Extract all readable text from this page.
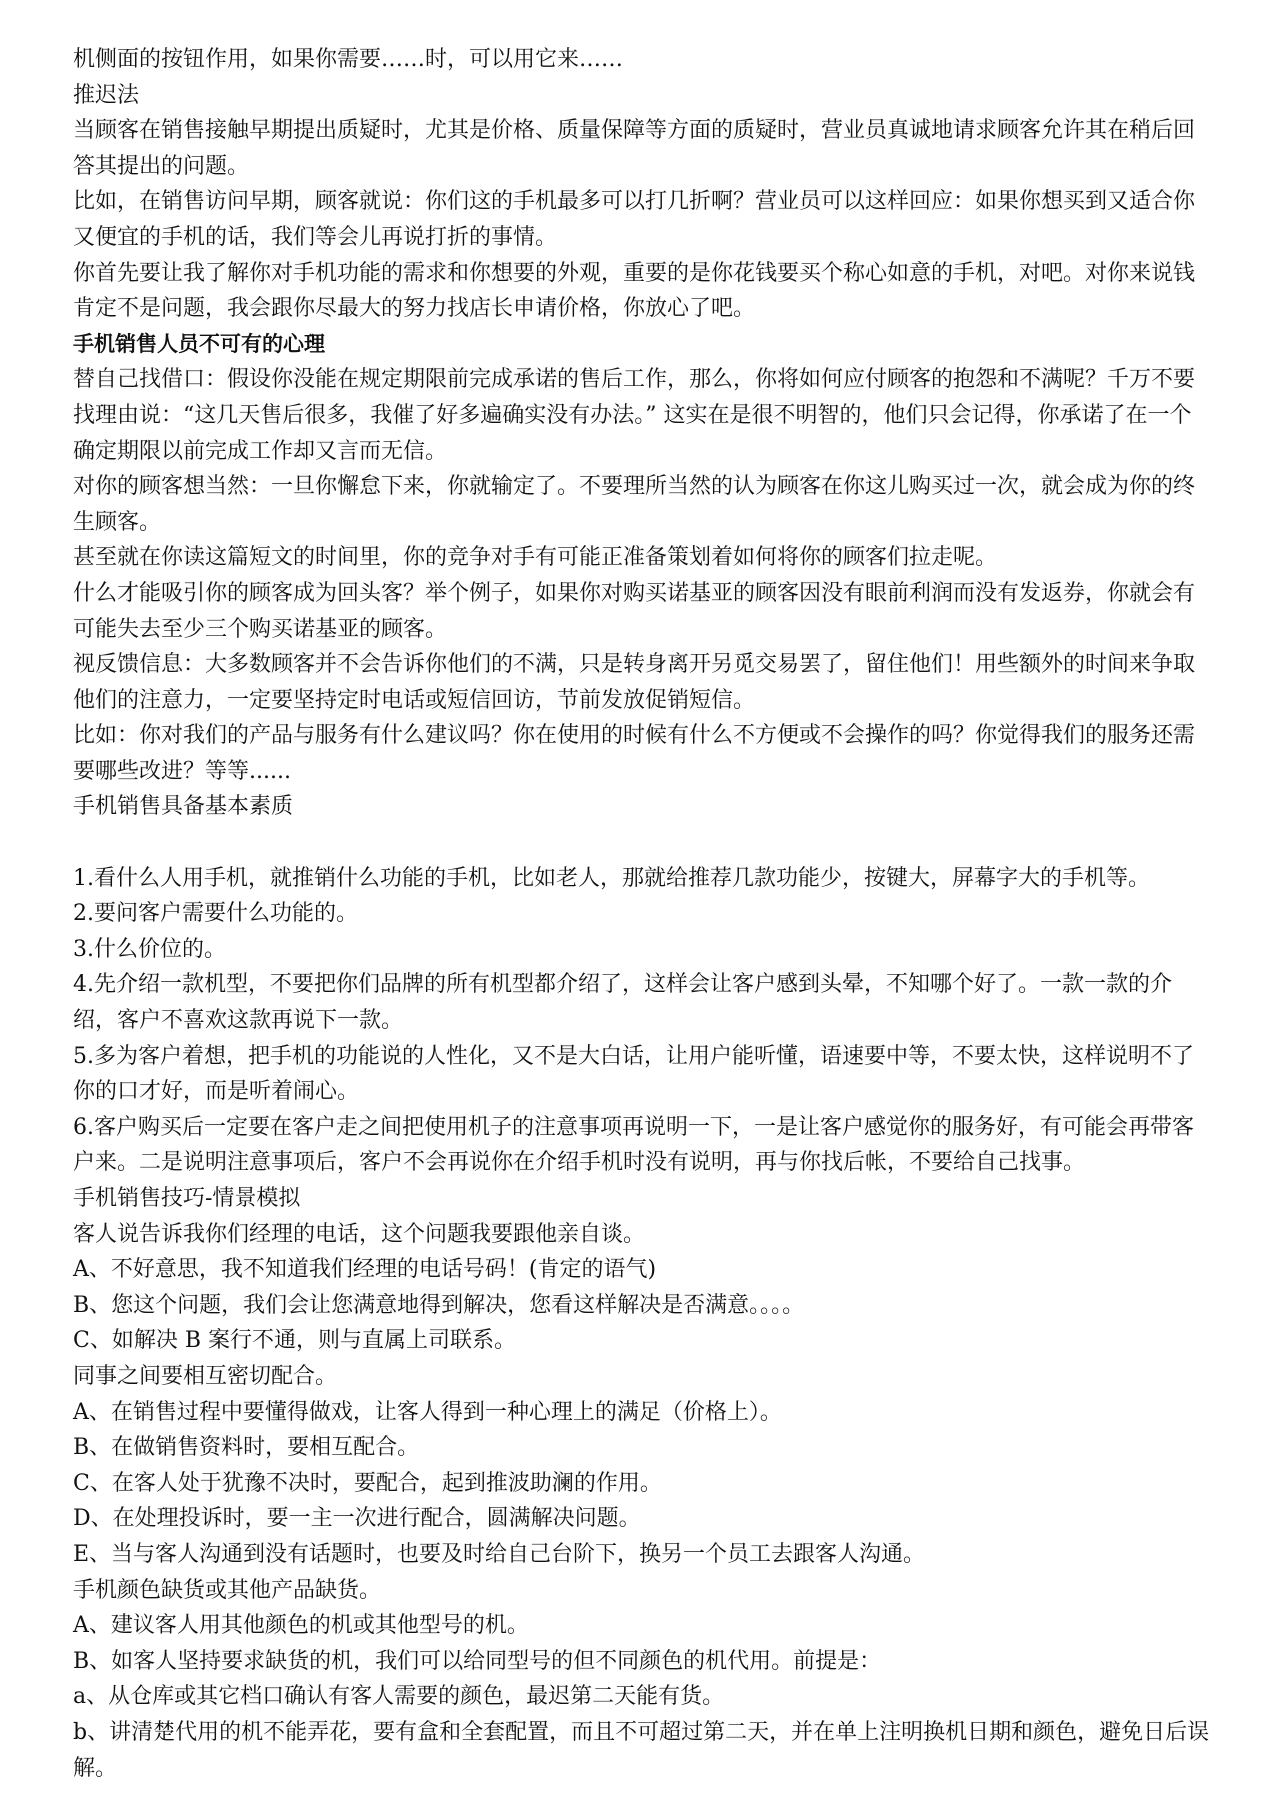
机侧面的按钮作用，如果你需要……时，可以用它来……

推迟法

当顾客在销售接触早期提出质疑时，尤其是价格、质量保障等方面的质疑时，营业员真诚地请求顾客允许其在稍后回答其提出的问题。

比如，在销售访问早期，顾客就说：你们这的手机最多可以打几折啊？营业员可以这样回应：如果你想买到又适合你又便宜的手机的话，我们等会儿再说打折的事情。

你首先要让我了解你对手机功能的需求和你想要的外观，重要的是你花钱要买个称心如意的手机，对吧。对你来说钱肯定不是问题，我会跟你尽最大的努力找店长申请价格，你放心了吧。

手机销售人员不可有的心理

替自己找借口：假设你没能在规定期限前完成承诺的售后工作，那么，你将如何应付顾客的抱怨和不满呢？千万不要找理由说：“这几天售后很多，我催了好多遍确实没有办法。” 这实在是很不明智的，他们只会记得，你承诺了在一个确定期限以前完成工作却又言而无信。

对你的顾客想当然：一旦你懈怠下来，你就输定了。不要理所当然的认为顾客在你这儿购买过一次，就会成为你的终生顾客。

甚至就在你读这篇短文的时间里，你的竞争对手有可能正准备策划着如何将你的顾客们拉走呢。

什么才能吸引你的顾客成为回头客？举个例子，如果你对购买诺基亚的顾客因没有眼前利润而没有发返券，你就会有可能失去至少三个购买诺基亚的顾客。

视反馈信息：大多数顾客并不会告诉你他们的不满，只是转身离开另觅交易罢了，留住他们！用些额外的时间来争取他们的注意力，一定要坚持定时电话或短信回访，节前发放促销短信。

比如：你对我们的产品与服务有什么建议吗？你在使用的时候有什么不方便或不会操作的吗？你觉得我们的服务还需要哪些改进？等等......

手机销售具备基本素质

1.看什么人用手机，就推销什么功能的手机，比如老人，那就给推荐几款功能少，按键大，屏幕字大的手机等。

2.要问客户需要什么功能的。

3.什么价位的。

4.先介绍一款机型，不要把你们品牌的所有机型都介绍了，这样会让客户感到头晕，不知哪个好了。一款一款的介绍，客户不喜欢这款再说下一款。

5.多为客户着想，把手机的功能说的人性化，又不是大白话，让用户能听懂，语速要中等，不要太快，这样说明不了你的口才好，而是听着闹心。

6.客户购买后一定要在客户走之间把使用机子的注意事项再说明一下，一是让客户感觉你的服务好，有可能会再带客户来。二是说明注意事项后，客户不会再说你在介绍手机时没有说明，再与你找后帐，不要给自己找事。

手机销售技巧-情景模拟

客人说告诉我你们经理的电话，这个问题我要跟他亲自谈。

A、不好意思，我不知道我们经理的电话号码！(肯定的语气)

B、您这个问题，我们会让您满意地得到解决，您看这样解决是否满意。。。。

C、如解决 B 案行不通，则与直属上司联系。

同事之间要相互密切配合。

A、在销售过程中要懂得做戏，让客人得到一种心理上的满足（价格上）。

B、在做销售资料时，要相互配合。

C、在客人处于犹豫不决时，要配合，起到推波助澜的作用。

D、在处理投诉时，要一主一次进行配合，圆满解决问题。

E、当与客人沟通到没有话题时，也要及时给自己台阶下，换另一个员工去跟客人沟通。

手机颜色缺货或其他产品缺货。

A、建议客人用其他颜色的机或其他型号的机。

B、如客人坚持要求缺货的机，我们可以给同型号的但不同颜色的机代用。前提是：

a、从仓库或其它档口确认有客人需要的颜色，最迟第二天能有货。

b、讲清楚代用的机不能弄花，要有盒和全套配置，而且不可超过第二天，并在单上注明换机日期和颜色，避免日后误解。
